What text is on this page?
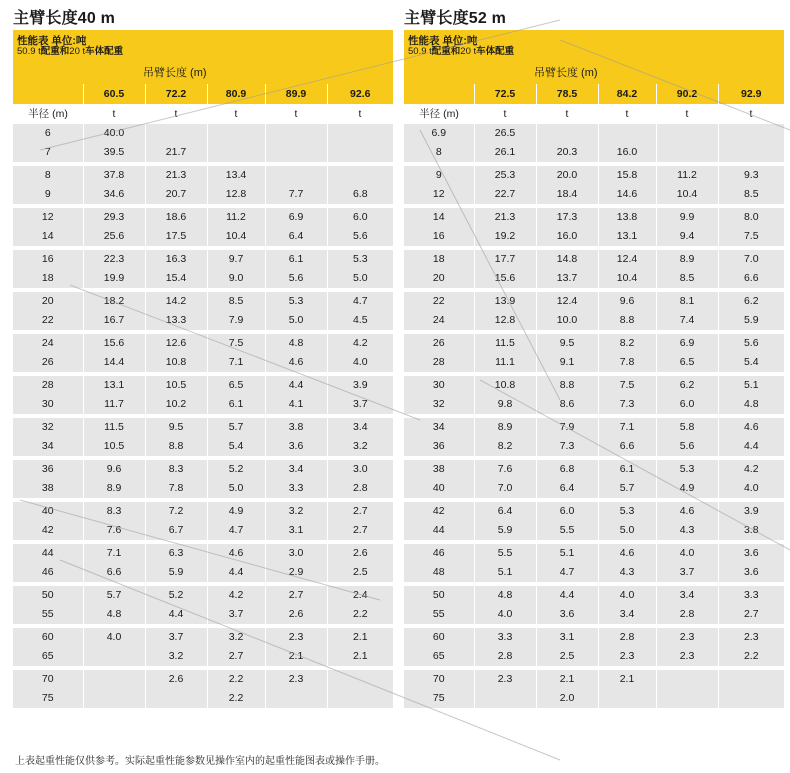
主臂长度40 m
性能表 单位:吨
50.9 t配重和20 t车体配重
	吊臂长度 (m)				
	60.5	72.2	80.9	89.9	92.6
半径 (m)	t	t	t	t	t
6	40.0				
7	39.5	21.7			
8	37.8	21.3	13.4		
9	34.6	20.7	12.8	7.7	6.8
12	29.3	18.6	11.2	6.9	6.0
14	25.6	17.5	10.4	6.4	5.6
16	22.3	16.3	9.7	6.1	5.3
18	19.9	15.4	9.0	5.6	5.0
20	18.2	14.2	8.5	5.3	4.7
22	16.7	13.3	7.9	5.0	4.5
24	15.6	12.6	7.5	4.8	4.2
26	14.4	10.8	7.1	4.6	4.0
28	13.1	10.5	6.5	4.4	3.9
30	11.7	10.2	6.1	4.1	3.7
32	11.5	9.5	5.7	3.8	3.4
34	10.5	8.8	5.4	3.6	3.2
36	9.6	8.3	5.2	3.4	3.0
38	8.9	7.8	5.0	3.3	2.8
40	8.3	7.2	4.9	3.2	2.7
42	7.6	6.7	4.7	3.1	2.7
44	7.1	6.3	4.6	3.0	2.6
46	6.6	5.9	4.4	2.9	2.5
50	5.7	5.2	4.2	2.7	2.4
55	4.8	4.4	3.7	2.6	2.2
60	4.0	3.7	3.2	2.3	2.1
65		3.2	2.7	2.1	2.1
70		2.6	2.2	2.3	
75			2.2		
主臂长度52 m
性能表 单位:吨
50.9 t配重和20 t车体配重
	吊臂长度 (m)				
	72.5	78.5	84.2	90.2	92.9
半径 (m)	t	t	t	t	t
6.9	26.5				
8	26.1	20.3	16.0		
9	25.3	20.0	15.8	11.2	9.3
12	22.7	18.4	14.6	10.4	8.5
14	21.3	17.3	13.8	9.9	8.0
16	19.2	16.0	13.1	9.4	7.5
18	17.7	14.8	12.4	8.9	7.0
20	15.6	13.7	10.4	8.5	6.6
22	13.9	12.4	9.6	8.1	6.2
24	12.8	10.0	8.8	7.4	5.9
26	11.5	9.5	8.2	6.9	5.6
28	11.1	9.1	7.8	6.5	5.4
30	10.8	8.8	7.5	6.2	5.1
32	9.8	8.6	7.3	6.0	4.8
34	8.9	7.9	7.1	5.8	4.6
36	8.2	7.3	6.6	5.6	4.4
38	7.6	6.8	6.1	5.3	4.2
40	7.0	6.4	5.7	4.9	4.0
42	6.4	6.0	5.3	4.6	3.9
44	5.9	5.5	5.0	4.3	3.8
46	5.5	5.1	4.6	4.0	3.6
48	5.1	4.7	4.3	3.7	3.6
50	4.8	4.4	4.0	3.4	3.3
55	4.0	3.6	3.4	2.8	2.7
60	3.3	3.1	2.8	2.3	2.3
65	2.8	2.5	2.3	2.3	2.2
70	2.3	2.1	2.1		
75		2.0			
上表起重性能仅供参考。实际起重性能参数见操作室内的起重性能图表或操作手册。
